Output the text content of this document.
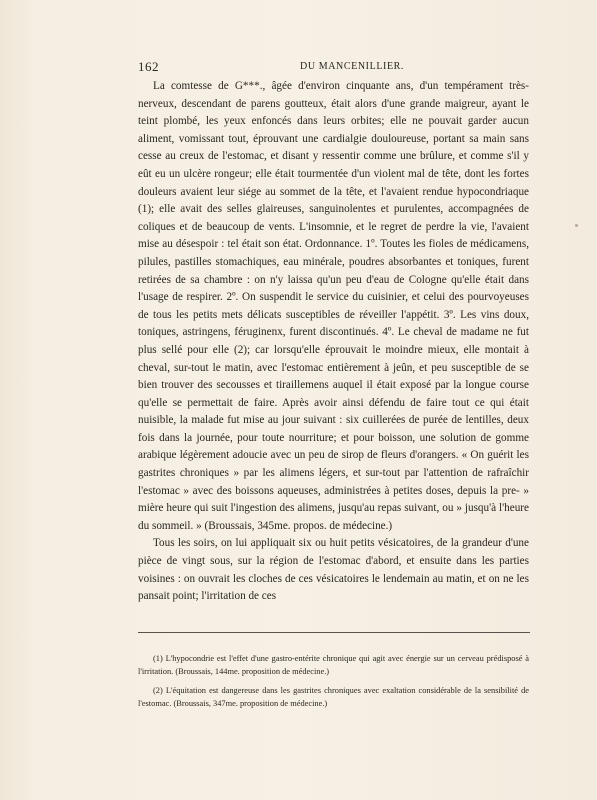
162	DU MANCENILLIER.

La comtesse de G***., âgée d'environ cinquante ans, d'un tempérament très-nerveux, descendant de parens goutteux, était alors d'une grande maigreur, ayant le teint plombé, les yeux enfoncés dans leurs orbites; elle ne pouvait garder aucun aliment, vomissant tout, éprouvant une cardialgie douloureuse, portant sa main sans cesse au creux de l'estomac, et disant y ressentir comme une brûlure, et comme s'il y eût eu un ulcère rongeur; elle était tourmentée d'un violent mal de tête, dont les fortes douleurs avaient leur siége au sommet de la tête, et l'avaient rendue hypocondriaque (1); elle avait des selles glaireuses, sanguinolentes et purulentes, accompagnées de coliques et de beaucoup de vents. L'insomnie, et le regret de perdre la vie, l'avaient mise au désespoir : tel était son état. Ordonnance. 1º. Toutes les fioles de médicamens, pilules, pastilles stomachiques, eau minérale, poudres absorbantes et toniques, furent retirées de sa chambre : on n'y laissa qu'un peu d'eau de Cologne qu'elle était dans l'usage de respirer. 2º. On suspendit le service du cuisinier, et celui des pourvoyeuses de tous les petits mets délicats susceptibles de réveiller l'appétit. 3º. Les vins doux, toniques, astringens, féruginenx, furent discontinués. 4º. Le cheval de madame ne fut plus sellé pour elle (2); car lorsqu'elle éprouvait le moindre mieux, elle montait à cheval, sur-tout le matin, avec l'estomac entièrement à jeûn, et peu susceptible de se bien trouver des secousses et tiraillemens auquel il était exposé par la longue course qu'elle se permettait de faire. Après avoir ainsi défendu de faire tout ce qui était nuisible, la malade fut mise au jour suivant : six cuillerées de purée de lentilles, deux fois dans la journée, pour toute nourriture; et pour boisson, une solution de gomme arabique légèrement adoucie avec un peu de sirop de fleurs d'orangers. « On guérit les gastrites chroniques » par les alimens légers, et sur-tout par l'attention de rafraîchir l'estomac » avec des boissons aqueuses, administrées à petites doses, depuis la pre- » mière heure qui suit l'ingestion des alimens, jusqu'au repas suivant, ou » jusqu'à l'heure du sommeil. » (Broussais, 345me. propos. de médecine.)

Tous les soirs, on lui appliquait six ou huit petits vésicatoires, de la grandeur d'une pièce de vingt sous, sur la région de l'estomac d'abord, et ensuite dans les parties voisines : on ouvrait les cloches de ces vésicatoires le lendemain au matin, et on ne les pansait point; l'irritation de ces

(1) L'hypocondrie est l'effet d'une gastro-entérite chronique qui agit avec énergie sur un cerveau prédisposé à l'irritation. (Broussais, 144me. proposition de médecine.)

(2) L'équitation est dangereuse dans les gastrites chroniques avec exaltation considérable de la sensibilité de l'estomac. (Broussais, 347me. proposition de médecine.)
